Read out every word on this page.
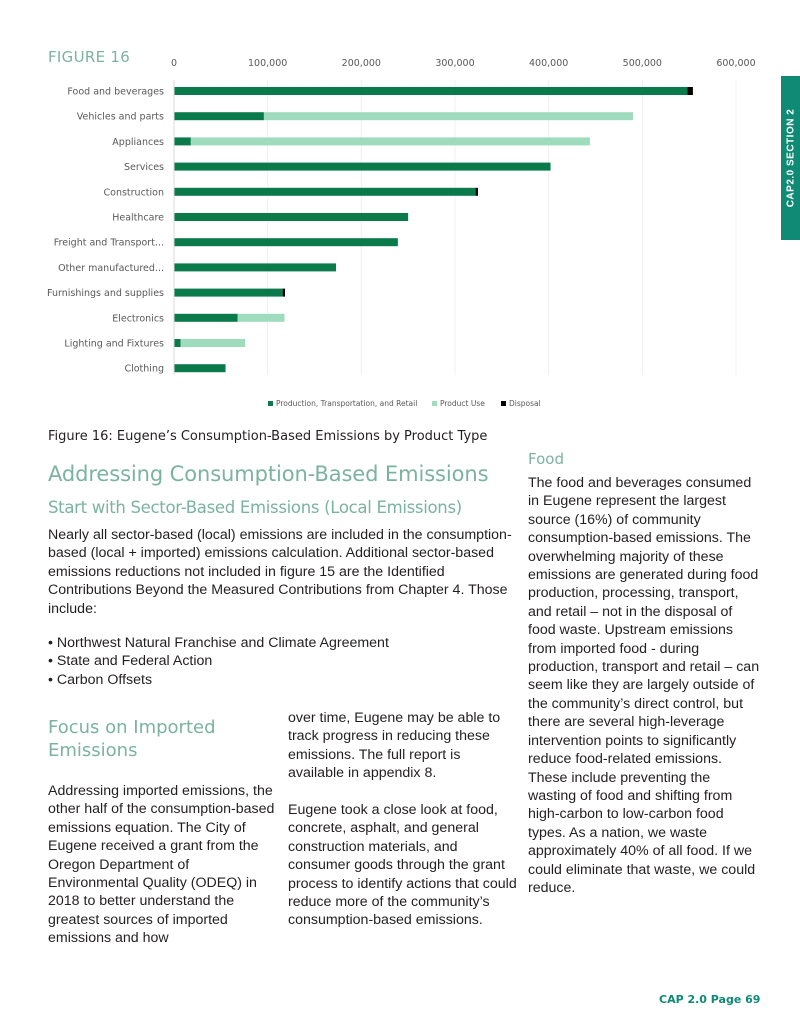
FIGURE 16	0	100,000	200,000	300,000	400,000	500,000	600,000
Food and beverages
Vehicles and parts
Appliances
Services
Construction
Healthcare
Freight and Transport...
Other manufactured...
Furnishings and supplies
Electronics
Lighting and Fixtures
Clothing
Production, Transportation, and Retail	Product Use	Disposal
CAP2.0 SECTION 2
Figure 16: Eugene’s Consumption-Based Emissions by Product Type
Addressing Consumption-Based Emissions
Start with Sector-Based Emissions (Local Emissions)

Nearly all sector-based (local) emissions are included in the consumption-based (local + imported) emissions calculation. Additional sector-based emissions reductions not included in figure 15 are the Identified Contributions Beyond the Measured Contributions from Chapter 4. Those include:

• Northwest Natural Franchise and Climate Agreement
• State and Federal Action
• Carbon Offsets
Focus on Imported Emissions

Addressing imported emissions, the other half of the consumption-based emissions equation. The City of Eugene received a grant from the Oregon Department of Environmental Quality (ODEQ) in 2018 to better understand the greatest sources of imported emissions and how

over time, Eugene may be able to track progress in reducing these emissions. The full report is available in appendix 8.

Eugene took a close look at food, concrete, asphalt, and general construction materials, and consumer goods through the grant process to identify actions that could reduce more of the community’s consumption-based emissions.

Food

The food and beverages consumed in Eugene represent the largest source (16%) of community consumption-based emissions. The overwhelming majority of these emissions are generated during food production, processing, transport, and retail – not in the disposal of food waste. Upstream emissions from imported food - during production, transport and retail – can seem like they are largely outside of the community’s direct control, but there are several high-leverage intervention points to significantly reduce food-related emissions. These include preventing the wasting of food and shifting from high-carbon to low-carbon food types. As a nation, we waste approximately 40% of all food. If we could eliminate that waste, we could reduce.

CAP 2.0 Page 69
